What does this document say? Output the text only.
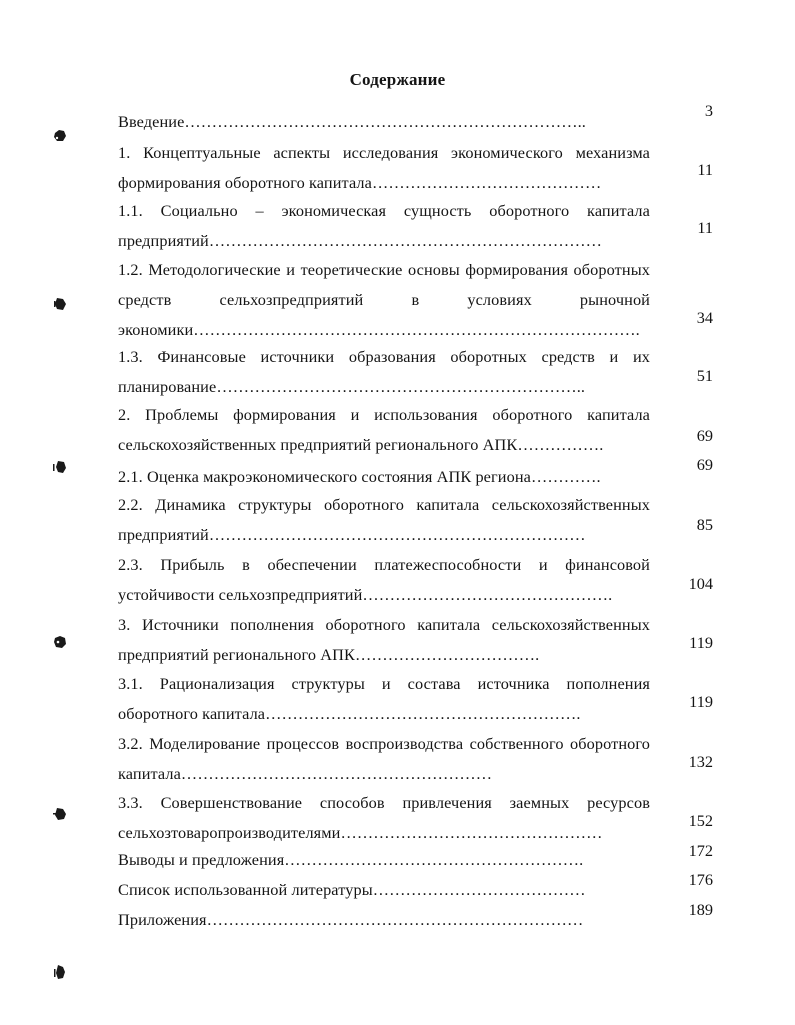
Содержание
Введение………………………………………………………………..
3
1. Концептуальные аспекты исследования экономического механизма формирования оборотного капитала……………………………………
11
1.1. Социально – экономическая сущность оборотного капитала предприятий………………………………………………………………
11
1.2. Методологические и теоретические основы формирования оборотных средств сельхозпредприятий в условиях рыночной экономики……………………………………………………………………….
34
1.3. Финансовые источники образования оборотных средств и их планирование…………………………………………………………..
51
2. Проблемы формирования и использования оборотного капитала сельскохозяйственных предприятий регионального АПК…………….	69
2.1. Оценка макроэкономического состояния АПК региона………….
69
2.2. Динамика структуры оборотного капитала сельскохозяйственных предприятий……………………………………………………………
85
2.3. Прибыль в обеспечении платежеспособности и финансовой устойчивости сельхозпредприятий……………………………………….
104
3. Источники пополнения оборотного капитала сельскохозяйственных предприятий регионального АПК…………………………….
119
3.1. Рационализация структуры и состава источника пополнения оборотного капитала………………………………………………….
119
3.2. Моделирование процессов воспроизводства собственного оборотного капитала…………………………………………………
132
3.3. Совершенствование способов привлечения заемных ресурсов сельхозтоваропроизводителями…………………………………………
152
Выводы и предложения……………………………………………….	172
Список использованной литературы…………………………………
176
Приложения……………………………………………………………
189
